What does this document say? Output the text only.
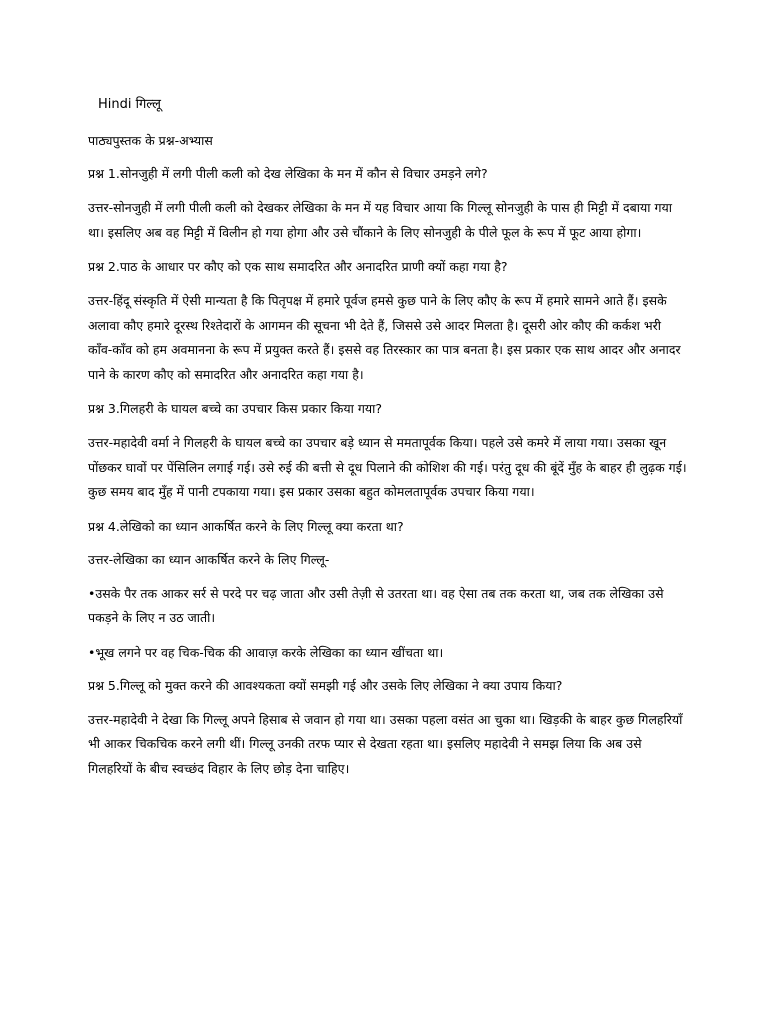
Hindi गिल्लू
पाठ्यपुस्तक के प्रश्न-अभ्यास
प्रश्न 1.सोनजुही में लगी पीली कली को देख लेखिका के मन में कौन से विचार उमड़ने लगे?
उत्तर-सोनजुही में लगी पीली कली को देखकर लेखिका के मन में यह विचार आया कि गिल्लू सोनजुही के पास ही मिट्टी में दबाया गया था। इसलिए अब वह मिट्टी में विलीन हो गया होगा और उसे चौंकाने के लिए सोनजुही के पीले फूल के रूप में फूट आया होगा।
प्रश्न 2.पाठ के आधार पर कौए को एक साथ समादरित और अनादरित प्राणी क्यों कहा गया है?
उत्तर-हिंदू संस्कृति में ऐसी मान्यता है कि पितृपक्ष में हमारे पूर्वज हमसे कुछ पाने के लिए कौए के रूप में हमारे सामने आते हैं। इसके अलावा कौए हमारे दूरस्थ रिश्तेदारों के आगमन की सूचना भी देते हैं, जिससे उसे आदर मिलता है। दूसरी ओर कौए की कर्कश भरी काँव-काँव को हम अवमानना के रूप में प्रयुक्त करते हैं। इससे वह तिरस्कार का पात्र बनता है। इस प्रकार एक साथ आदर और अनादर पाने के कारण कौए को समादरित और अनादरित कहा गया है।
प्रश्न 3.गिलहरी के घायल बच्चे का उपचार किस प्रकार किया गया?
उत्तर-महादेवी वर्मा ने गिलहरी के घायल बच्चे का उपचार बड़े ध्यान से ममतापूर्वक किया। पहले उसे कमरे में लाया गया। उसका खून पोंछकर घावों पर पेंसिलिन लगाई गई। उसे रुई की बत्ती से दूध पिलाने की कोशिश की गई। परंतु दूध की बूंदें मुँह के बाहर ही लुढ़क गई। कुछ समय बाद मुँह में पानी टपकाया गया। इस प्रकार उसका बहुत कोमलतापूर्वक उपचार किया गया।
प्रश्न 4.लेखिको का ध्यान आकर्षित करने के लिए गिल्लू क्या करता था?
उत्तर-लेखिका का ध्यान आकर्षित करने के लिए गिल्लू-
•उसके पैर तक आकर सर्र से परदे पर चढ़ जाता और उसी तेज़ी से उतरता था। वह ऐसा तब तक करता था, जब तक लेखिका उसे पकड़ने के लिए न उठ जाती।
•भूख लगने पर वह चिक-चिक की आवाज़ करके लेखिका का ध्यान खींचता था।
प्रश्न 5.गिल्लू को मुक्त करने की आवश्यकता क्यों समझी गई और उसके लिए लेखिका ने क्या उपाय किया?
उत्तर-महादेवी ने देखा कि गिल्लू अपने हिसाब से जवान हो गया था। उसका पहला वसंत आ चुका था। खिड़की के बाहर कुछ गिलहरियाँ भी आकर चिकचिक करने लगी थीं। गिल्लू उनकी तरफ प्यार से देखता रहता था। इसलिए महादेवी ने समझ लिया कि अब उसे गिलहरियों के बीच स्वच्छंद विहार के लिए छोड़ देना चाहिए।
